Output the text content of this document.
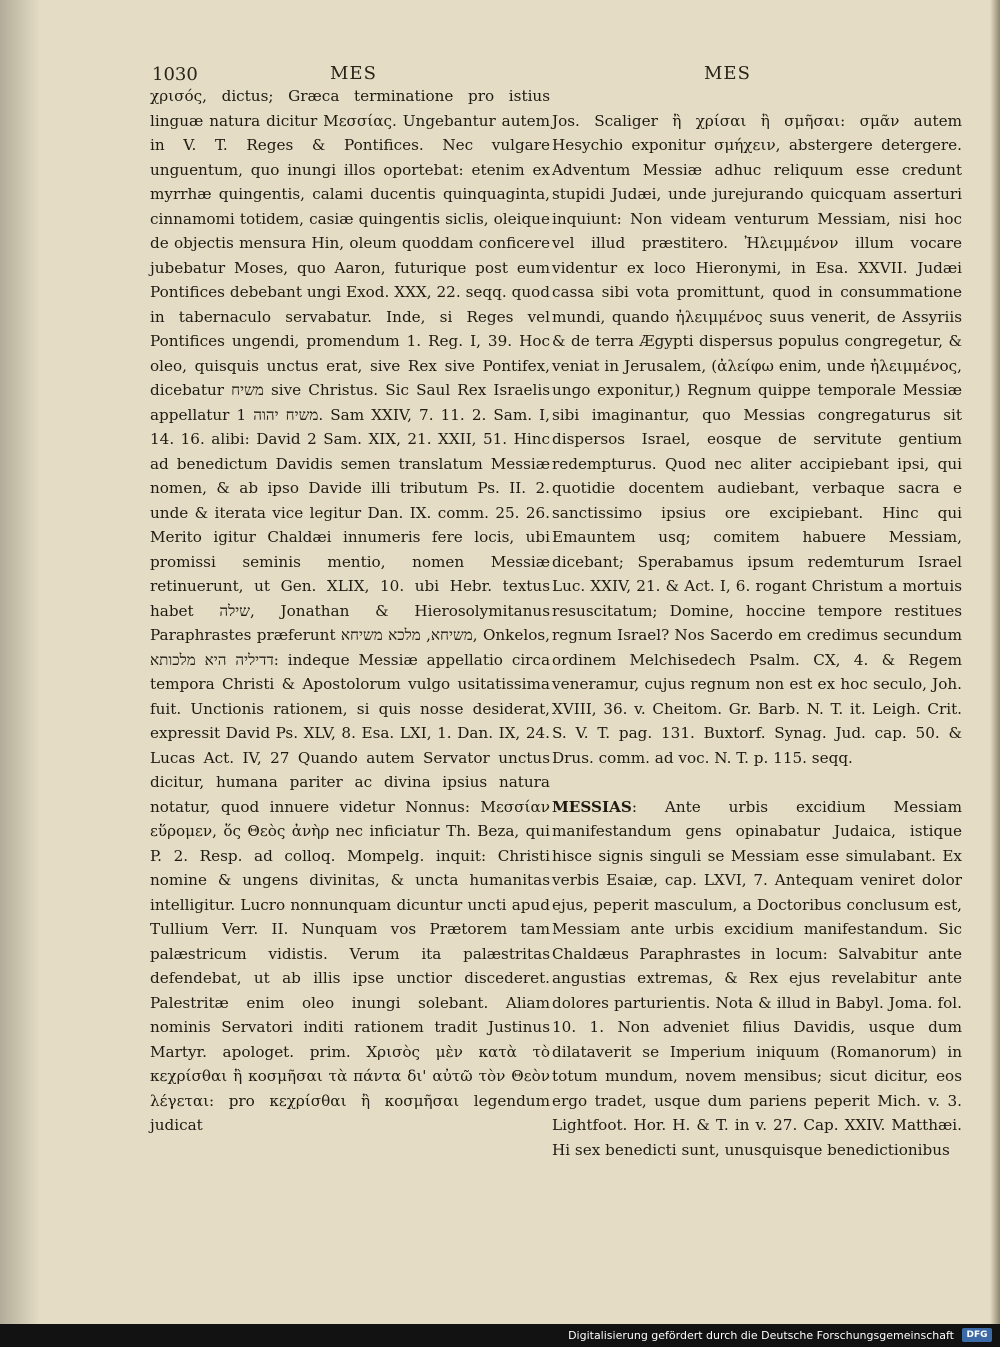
1030	MES	MES
χρισός, dictus; Græca terminatione pro istius linguæ natura dicitur Μεσσίας. Ungebantur autem in V. T. Reges & Pontifices. Nec vulgare unguentum, quo inungi illos oportebat: etenim ex myrrhæ quingentis, calami ducentis quinquaginta, cinnamomi totidem, casiæ quingentis siclis, oleique de objectis mensura Hin, oleum quoddam conficere jubebatur Moses, quo Aaron, futurique post eum Pontifices debebant ungi Exod. XXX, 22. seqq. quod in tabernaculo servabatur. Inde, si Reges vel Pontifices ungendi, promendum 1. Reg. I, 39. Hoc oleo, quisquis unctus erat, sive Rex sive Pontifex, dicebatur משיח sive Christus. Sic Saul Rex Israelis appellatur משיח יהוה 1. Sam XXIV, 7. 11. 2. Sam. I, 14. 16. alibi: David 2 Sam. XIX, 21. XXII, 51. Hinc ad benedictum Davidis semen translatum Messiæ nomen, & ab ipso Davide illi tributum Ps. II. 2. unde & iterata vice legitur Dan. IX. comm. 25. 26. Merito igitur Chaldæi innumeris fere locis, ubi promissi seminis mentio, nomen Messiæ retinuerunt, ut Gen. XLIX, 10. ubi Hebr. textus habet שילה, Jonathan & Hierosolymitanus Paraphrastes præferunt משיחא, מלכא משיחא, Onkelos, דדיליה היא מלכותא: indeque Messiæ appellatio circa tempora Christi & Apostolorum vulgo usitatissima fuit. Unctionis rationem, si quis nosse desiderat, expressit David Ps. XLV, 8. Esa. LXI, 1. Dan. IX, 24. Lucas Act. IV, 27 Quando autem Servator unctus dicitur, humana pariter ac divina ipsius natura notatur, quod innuere videtur Nonnus: Μεσσίαν εὕρομεν, ὅς Θεὸς ἀνὴρ nec inficiatur Th. Beza, qui P. 2. Resp. ad colloq. Mompelg. inquit: Christi nomine & ungens divinitas, & uncta humanitas intelligitur. Lucro nonnunquam dicuntur uncti apud Tullium Verr. II. Nunquam vos Prætorem tam palæstricum vidistis. Verum ita palæstritas defendebat, ut ab illis ipse unctior discederet. Palestritæ enim oleo inungi solebant. Aliam nominis Servatori inditi rationem tradit Justinus Martyr. apologet. prim. Χρισὸς μὲν κατὰ τὸ κεχρίσθαι ἢ κοσμῆσαι τὰ πάντα δι' αὐτῶ τὸν Θεὸν λέγεται: pro κεχρίσθαι ἢ κοσμῆσαι legendum judicat

Jos. Scaliger ἢ χρίσαι ἢ σμῆσαι: σμᾶν autem Hesychio exponitur σμήχειν, abstergere detergere. Adventum Messiæ adhuc reliquum esse credunt stupidi Judæi, unde jurejurando quicquam asserturi inquiunt: Non videam venturum Messiam, nisi hoc vel illud præstitero. Ἠλειμμένον illum vocare videntur ex loco Hieronymi, in Esa. XXVII. Judæi cassa sibi vota promittunt, quod in consummatione mundi, quando ἠλειμμένος suus venerit, de Assyriis & de terra Ægypti dispersus populus congregetur, & veniat in Jerusalem, (ἀλείφω enim, unde ἠλειμμένος, ungo exponitur,) Regnum quippe temporale Messiæ sibi imaginantur, quo Messias congregaturus sit dispersos Israel, eosque de servitute gentium redempturus. Quod nec aliter accipiebant ipsi, qui quotidie docentem audiebant, verbaque sacra e sanctissimo ipsius ore excipiebant. Hinc qui Emauntem usq; comitem habuere Messiam, dicebant; Sperabamus ipsum redemturum Israel Luc. XXIV, 21. & Act. I, 6. rogant Christum a mortuis resuscitatum; Domine, hoccine tempore restitues regnum Israel? Nos Sacerdo em credimus secundum ordinem Melchisedech Psalm. CX, 4. & Regem veneramur, cujus regnum non est ex hoc seculo, Joh. XVIII, 36. v. Cheitom. Gr. Barb. N. T. it. Leigh. Crit. S. V. T. pag. 131. Buxtorf. Synag. Jud. cap. 50. & Drus. comm. ad voc. N. T. p. 115. seqq.

MESSIAS: Ante urbis excidium Messiam manifestandum gens opinabatur Judaica, istique hisce signis singuli se Messiam esse simulabant. Ex verbis Esaiæ, cap. LXVI, 7. Antequam veniret dolor ejus, peperit masculum, a Doctoribus conclusum est, Messiam ante urbis excidium manifestandum. Sic Chaldæus Paraphrastes in locum: Salvabitur ante angustias extremas, & Rex ejus revelabitur ante dolores parturientis. Nota & illud in Babyl. Joma. fol. 10. 1. Non adveniet filius Davidis, usque dum dilataverit se Imperium iniquum (Romanorum) in totum mundum, novem mensibus; sicut dicitur, eos ergo tradet, usque dum pariens peperit Mich. v. 3. Lightfoot. Hor. H. & T. in v. 27. Cap. XXIV. Matthæi. Hi sex benedicti sunt, unusquisque benedictionibus

Digitalisierung gefördert durch die Deutsche Forschungsgemeinschaft	DFG
